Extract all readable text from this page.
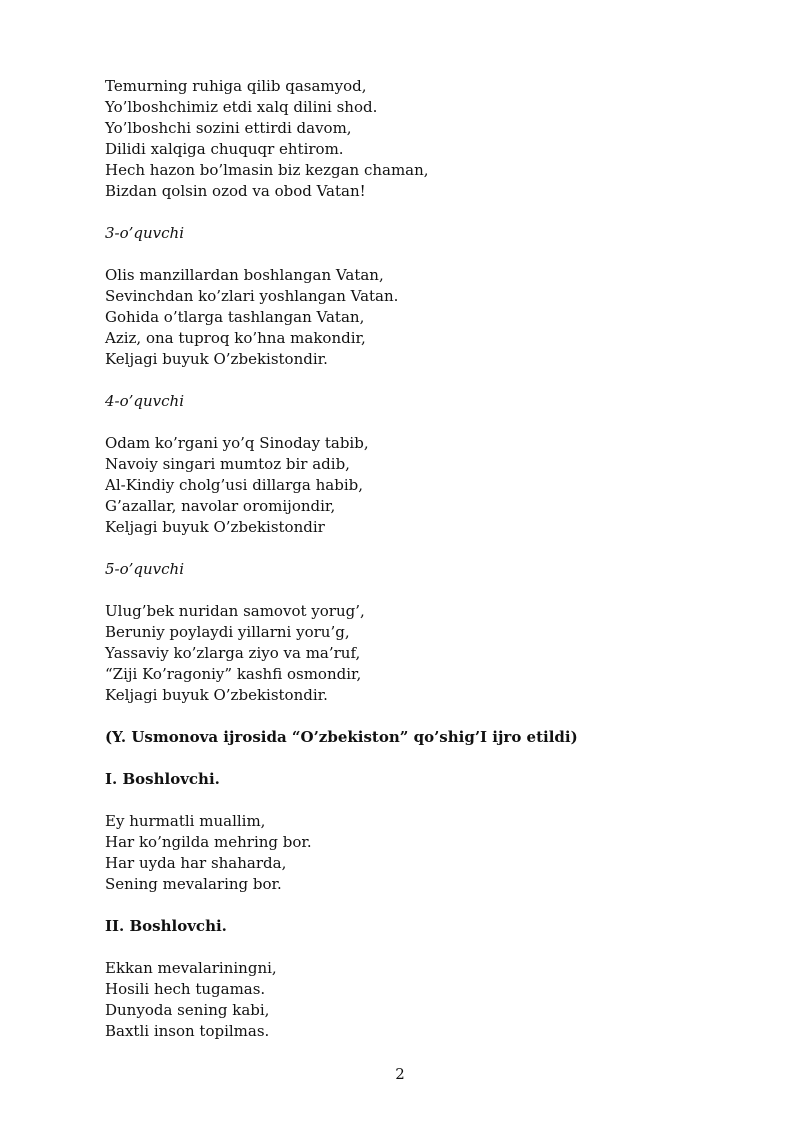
Temurning ruhiga qilib qasamyod,
Yo’lboshchimiz etdi xalq dilini shod.
Yo’lboshchi sozini ettirdi davom,
Dilidi xalqiga chuquqr ehtirom.
Hech hazon bo’lmasin biz kezgan chaman,
Bizdan qolsin ozod va obod Vatan!
3-o’quvchi
Olis manzillardan boshlangan Vatan,
Sevinchdan ko’zlari yoshlangan Vatan.
Gohida o’tlarga tashlangan Vatan,
Aziz, ona tuproq ko’hna makondir,
Keljagi buyuk O’zbekistondir.
4-o’quvchi
Odam ko’rgani yo’q Sinoday tabib,
Navoiy singari mumtoz bir adib,
Al-Kindiy cholg’usi dillarga habib,
G’azallar, navolar oromijondir,
Keljagi buyuk O’zbekistondir
5-o’quvchi
Ulug’bek nuridan samovot yorug’,
Beruniy poylaydi yillarni yoru’g,
Yassaviy ko’zlarga ziyo va ma’ruf,
“Ziji Ko’ragoniy” kashfi osmondir,
Keljagi buyuk O’zbekistondir.
(Y. Usmonova ijrosida “O’zbekiston” qo’shig’I ijro etildi)
I. Boshlovchi.
Ey hurmatli muallim,
Har ko’ngilda mehring bor.
Har uyda har shaharda,
Sening mevalaring bor.
II. Boshlovchi.
Ekkan mevalariningni,
Hosili hech tugamas.
Dunyoda sening kabi,
Baxtli inson topilmas.
2
